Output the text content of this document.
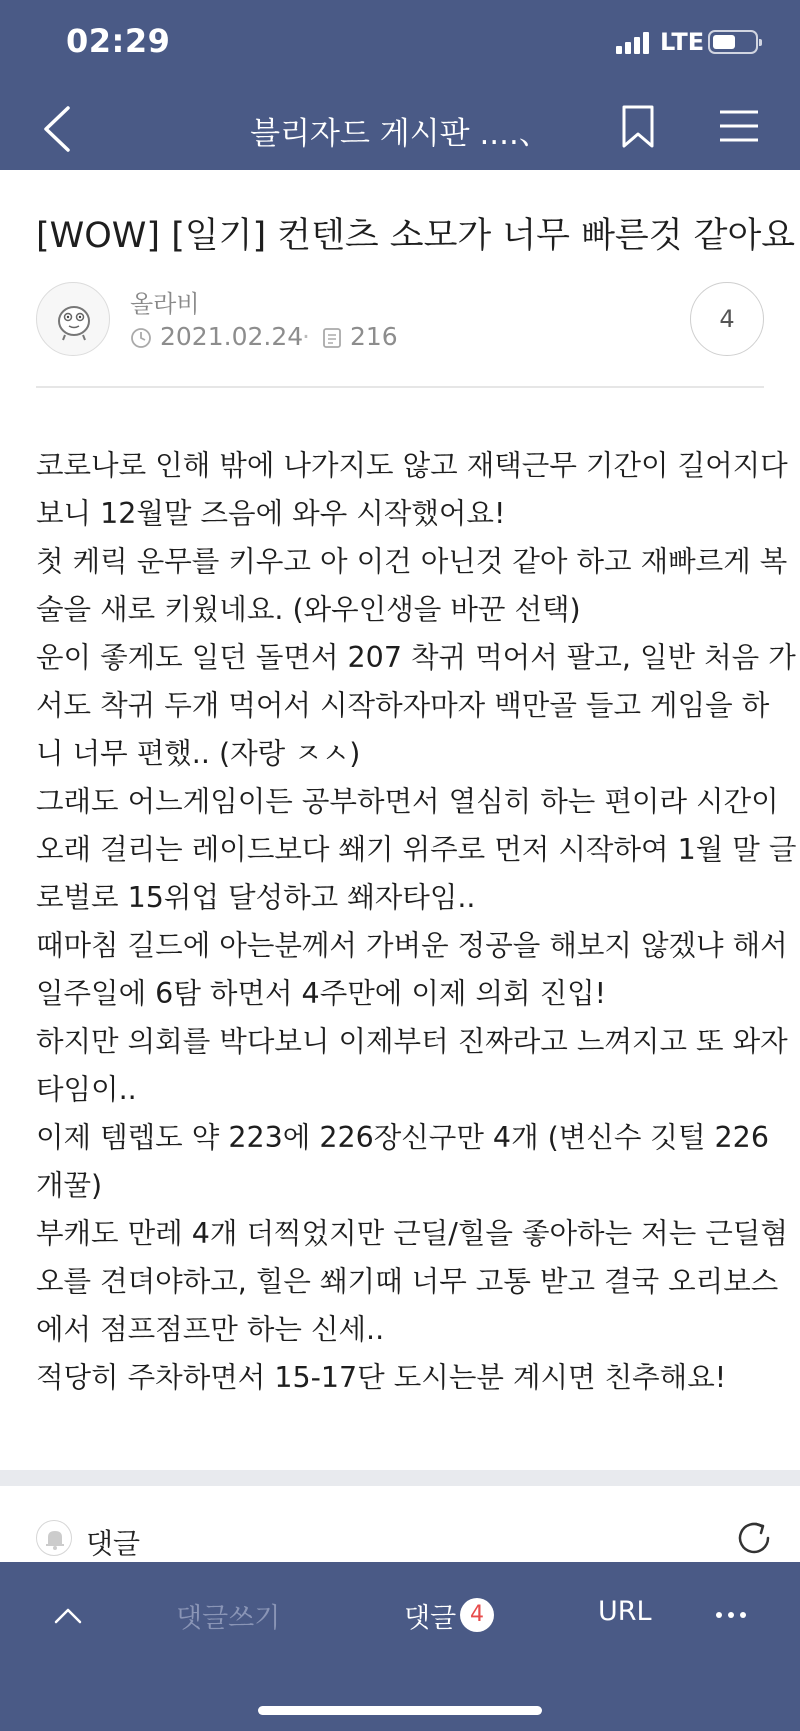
02:29	LTE
블리자드 게시판 ....、
[WOW] [일기] 컨텐츠 소모가 너무 빠른것 같아요
올라비
2021.02.24
· 216
4

코로나로 인해 밖에 나가지도 않고 재택근무 기간이 길어지다

보니 12월말 즈음에 와우 시작했어요!

첫 케릭 운무를 키우고 아 이건 아닌것 같아 하고 재빠르게 복

술을 새로 키웠네요. (와우인생을 바꾼 선택)

운이 좋게도 일던 돌면서 207 착귀 먹어서 팔고, 일반 처음 가

서도 착귀 두개 먹어서 시작하자마자 백만골 들고 게임을 하

니 너무 편했.. (자랑 ㅈㅅ)

그래도 어느게임이든 공부하면서 열심히 하는 편이라 시간이

오래 걸리는 레이드보다 쐐기 위주로 먼저 시작하여 1월 말 글

로벌로 15위업 달성하고 쐐자타임..

때마침 길드에 아는분께서 가벼운 정공을 해보지 않겠냐 해서

일주일에 6탐 하면서 4주만에 이제 의회 진입!

하지만 의회를 박다보니 이제부터 진짜라고 느껴지고 또 와자

타임이..

이제 템렙도 약 223에 226장신구만 4개 (변신수 깃털 226

개꿀)

부캐도 만레 4개 더찍었지만 근딜/힐을 좋아하는 저는 근딜혐

오를 견뎌야하고, 힐은 쐐기때 너무 고통 받고 결국 오리보스

에서 점프점프만 하는 신세..

적당히 주차하면서 15-17단 도시는분 계시면 친추해요!

댓글
댓글쓰기	댓글 4	URL
